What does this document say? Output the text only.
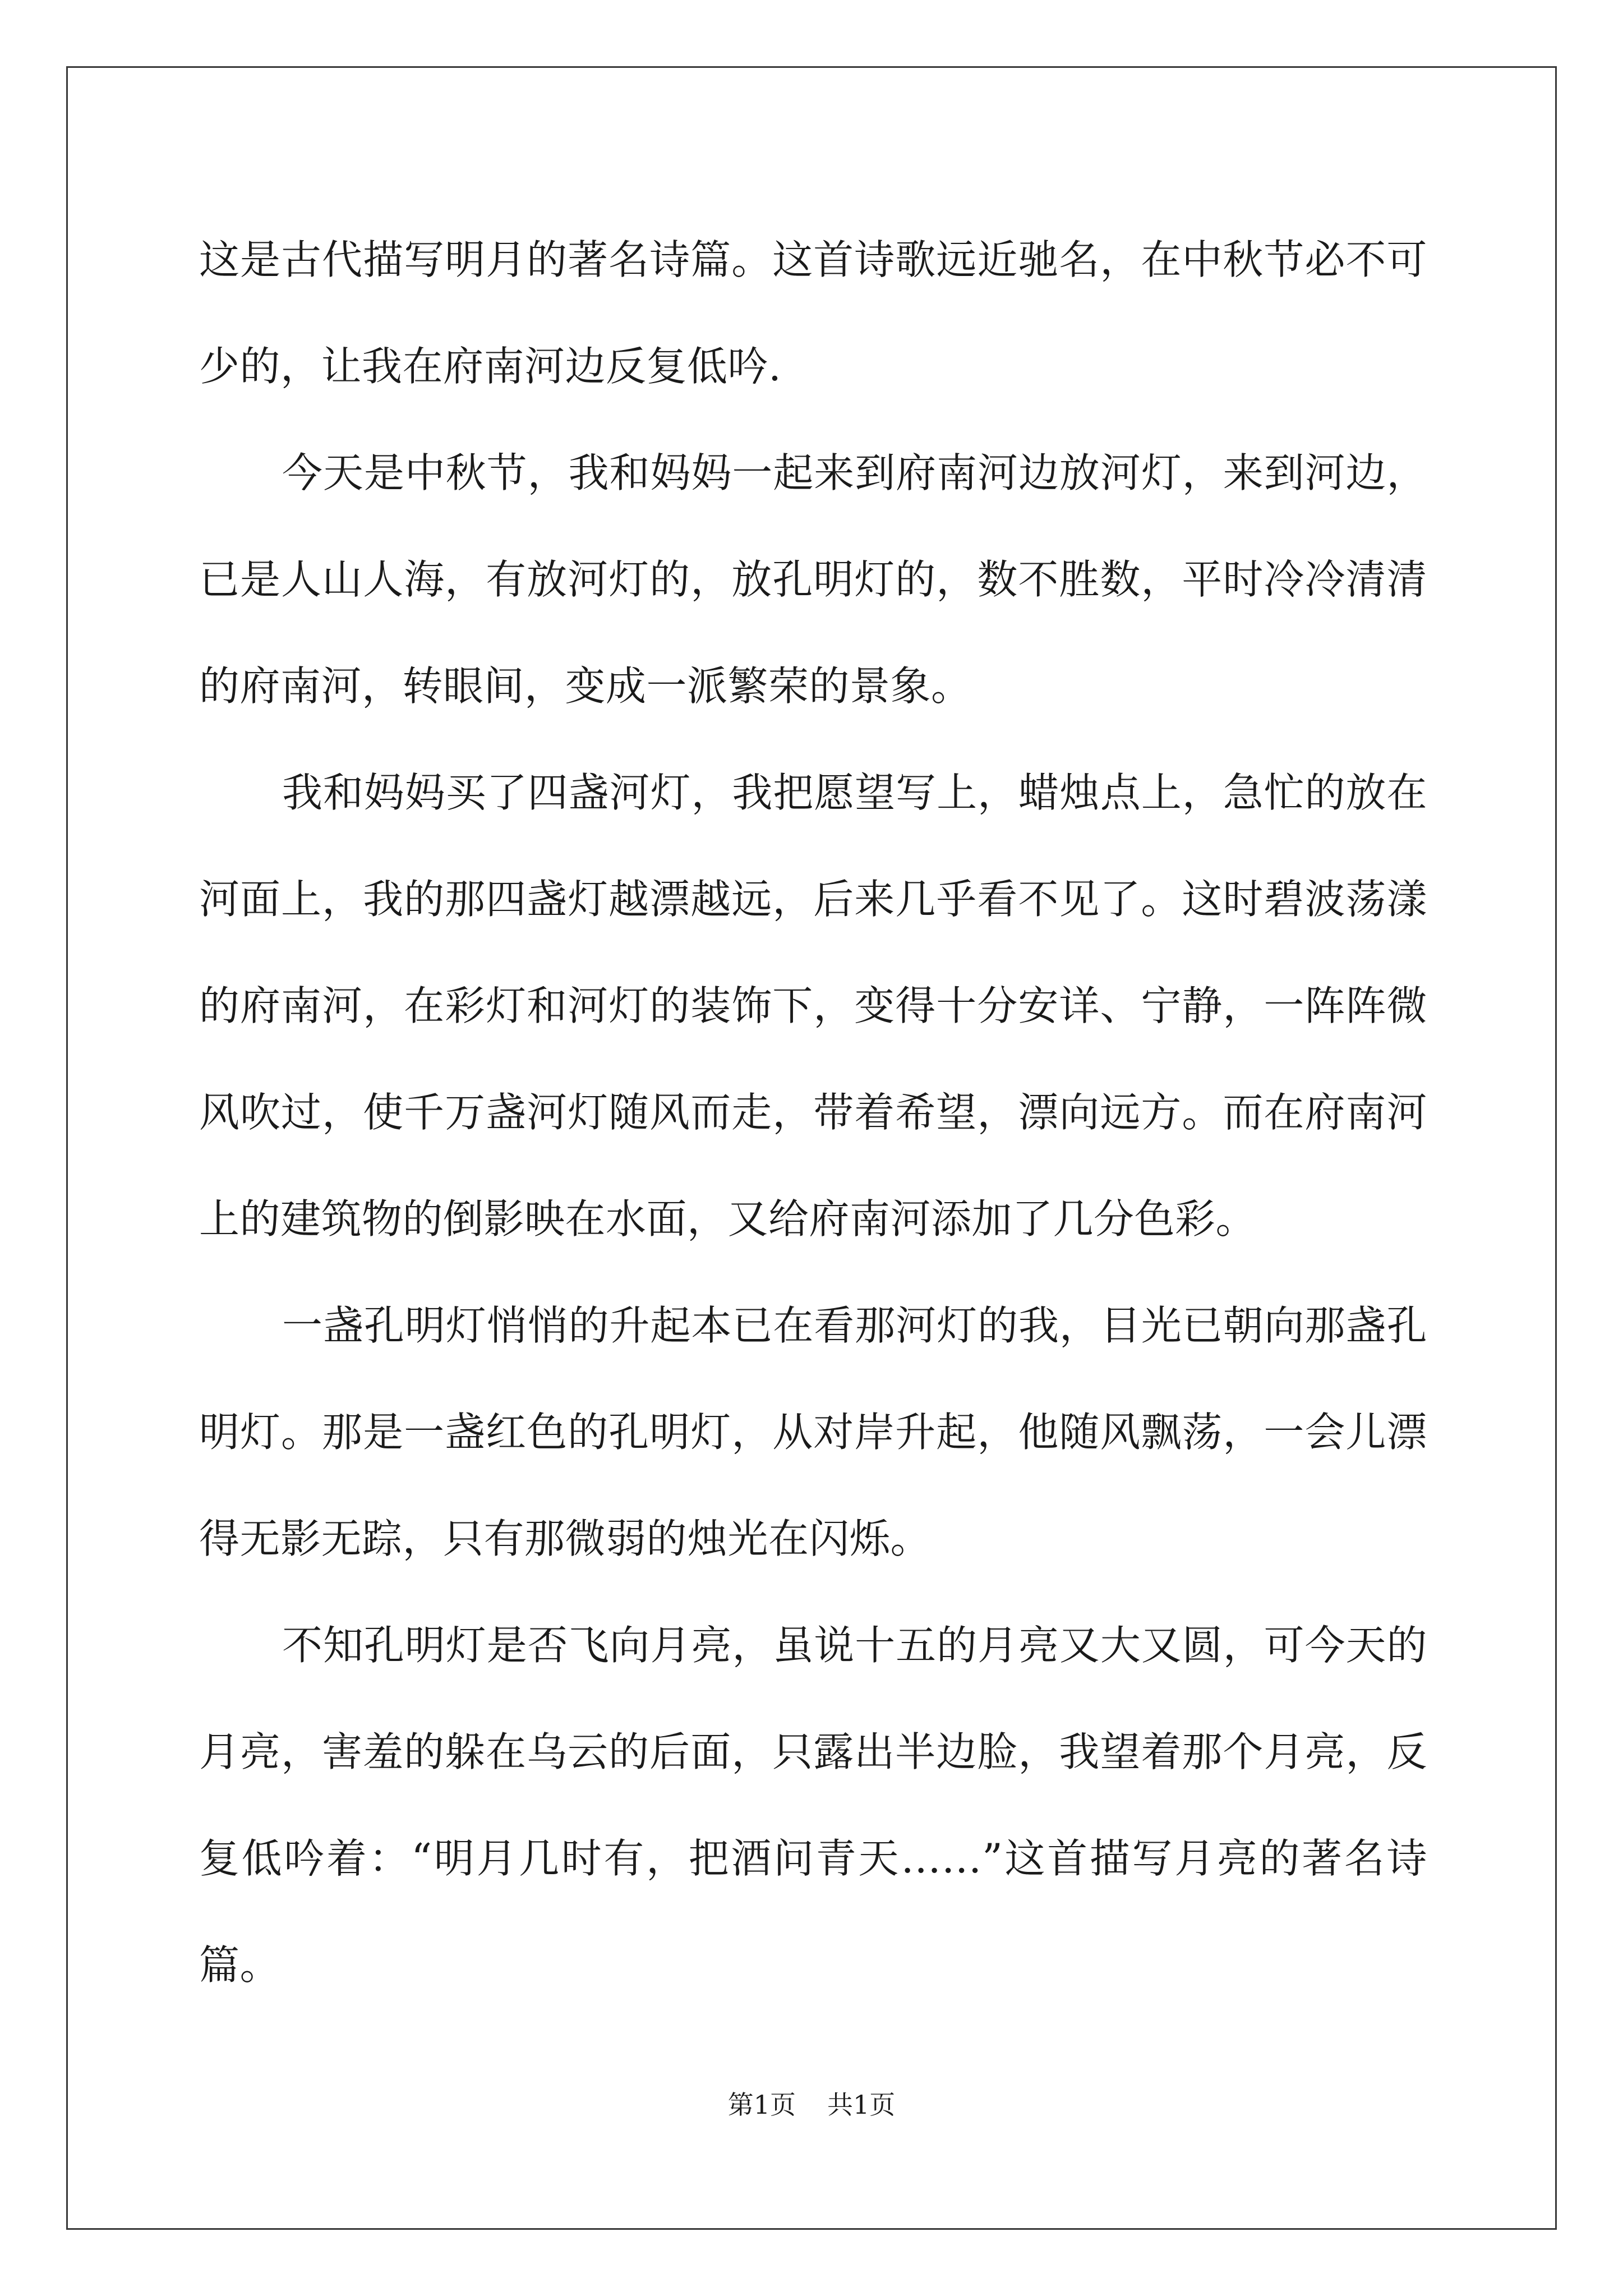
这是古代描写明月的著名诗篇。这首诗歌远近驰名，在中秋节必不可少的，让我在府南河边反复低吟.

今天是中秋节，我和妈妈一起来到府南河边放河灯，来到河边，已是人山人海，有放河灯的，放孔明灯的，数不胜数，平时冷冷清清的府南河，转眼间，变成一派繁荣的景象。

我和妈妈买了四盏河灯，我把愿望写上，蜡烛点上，急忙的放在河面上，我的那四盏灯越漂越远，后来几乎看不见了。这时碧波荡漾的府南河，在彩灯和河灯的装饰下，变得十分安详、宁静，一阵阵微风吹过，使千万盏河灯随风而走，带着希望，漂向远方。而在府南河上的建筑物的倒影映在水面，又给府南河添加了几分色彩。

一盏孔明灯悄悄的升起本已在看那河灯的我，目光已朝向那盏孔明灯。那是一盏红色的孔明灯，从对岸升起，他随风飘荡，一会儿漂得无影无踪，只有那微弱的烛光在闪烁。

不知孔明灯是否飞向月亮，虽说十五的月亮又大又圆，可今天的月亮，害羞的躲在乌云的后面，只露出半边脸，我望着那个月亮，反复低吟着：“明月几时有，把酒问青天……”这首描写月亮的著名诗篇。

第1页 共1页
